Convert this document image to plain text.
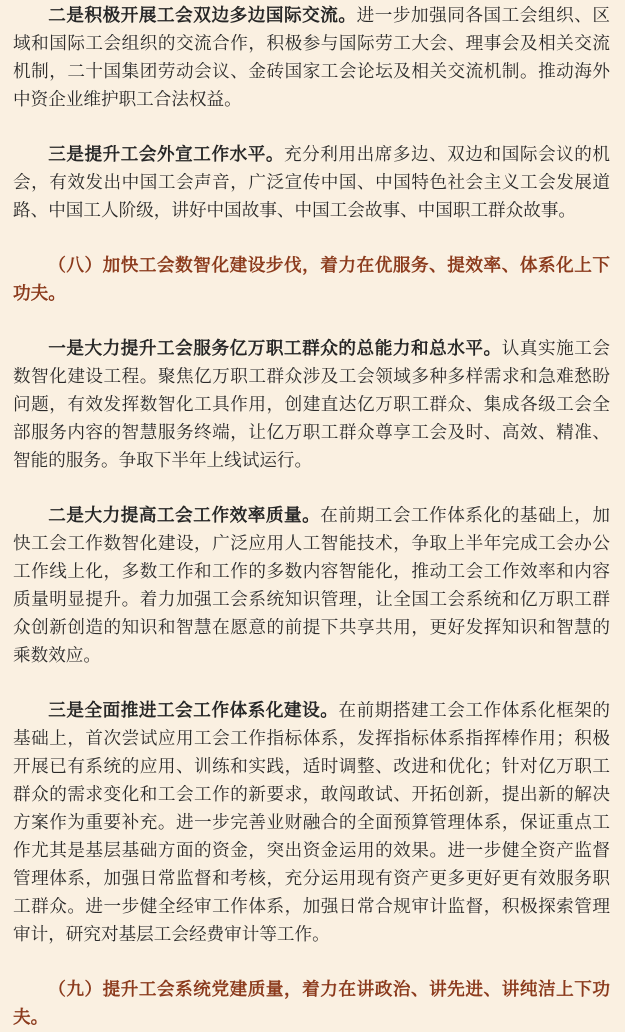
二是积极开展工会双边多边国际交流。进一步加强同各国工会组织、区域和国际工会组织的交流合作，积极参与国际劳工大会、理事会及相关交流机制，二十国集团劳动会议、金砖国家工会论坛及相关交流机制。推动海外中资企业维护职工合法权益。

三是提升工会外宣工作水平。充分利用出席多边、双边和国际会议的机会，有效发出中国工会声音，广泛宣传中国、中国特色社会主义工会发展道路、中国工人阶级，讲好中国故事、中国工会故事、中国职工群众故事。

（八）加快工会数智化建设步伐，着力在优服务、提效率、体系化上下功夫。

一是大力提升工会服务亿万职工群众的总能力和总水平。认真实施工会数智化建设工程。聚焦亿万职工群众涉及工会领域多种多样需求和急难愁盼问题，有效发挥数智化工具作用，创建直达亿万职工群众、集成各级工会全部服务内容的智慧服务终端，让亿万职工群众尊享工会及时、高效、精准、智能的服务。争取下半年上线试运行。

二是大力提高工会工作效率质量。在前期工会工作体系化的基础上，加快工会工作数智化建设，广泛应用人工智能技术，争取上半年完成工会办公工作线上化，多数工作和工作的多数内容智能化，推动工会工作效率和内容质量明显提升。着力加强工会系统知识管理，让全国工会系统和亿万职工群众创新创造的知识和智慧在愿意的前提下共享共用，更好发挥知识和智慧的乘数效应。

三是全面推进工会工作体系化建设。在前期搭建工会工作体系化框架的基础上，首次尝试应用工会工作指标体系，发挥指标体系指挥棒作用；积极开展已有系统的应用、训练和实践，适时调整、改进和优化；针对亿万职工群众的需求变化和工会工作的新要求，敢闯敢试、开拓创新，提出新的解决方案作为重要补充。进一步完善业财融合的全面预算管理体系，保证重点工作尤其是基层基础方面的资金，突出资金运用的效果。进一步健全资产监督管理体系，加强日常监督和考核，充分运用现有资产更多更好更有效服务职工群众。进一步健全经审工作体系，加强日常合规审计监督，积极探索管理审计，研究对基层工会经费审计等工作。

（九）提升工会系统党建质量，着力在讲政治、讲先进、讲纯洁上下功夫。
